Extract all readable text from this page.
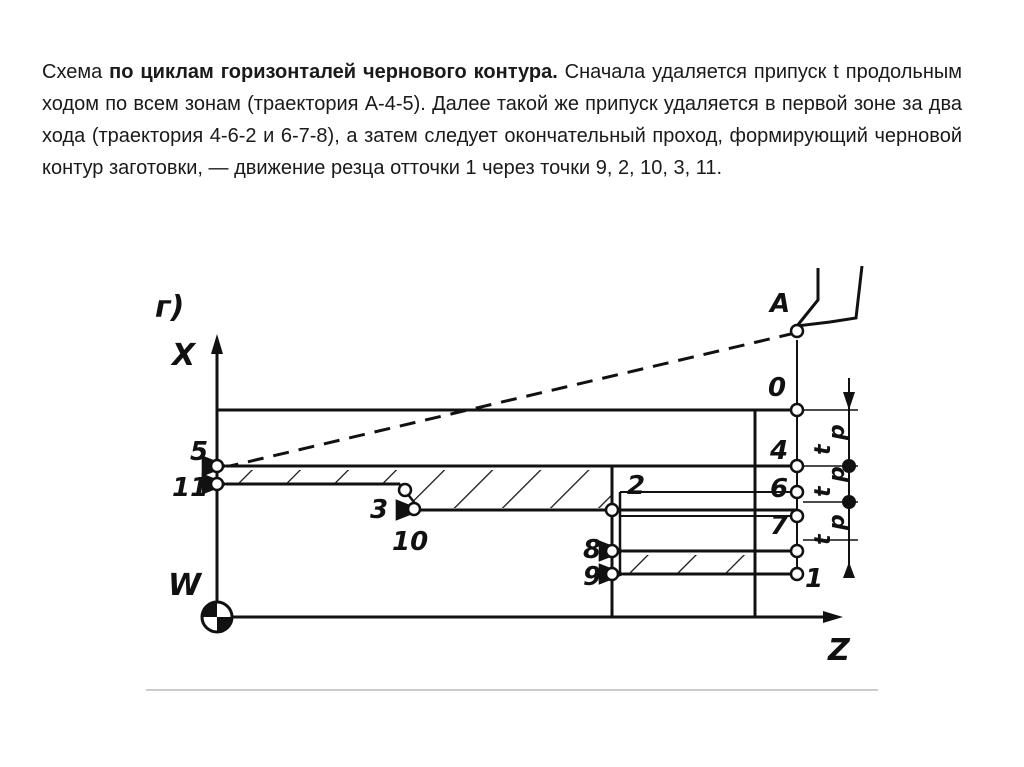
Схема по циклам горизонталей чернового контура. Сначала удаляется припуск t продольным ходом по всем зонам (траектория А-4-5). Далее такой же припуск удаляется в первой зоне за два хода (траектория 4-6-2 и 6-7-8), а затем следует окончательный проход, формирующий черновой контур заготовки, — движение резца отточки 1 через точки 9, 2, 10, 3, 11.
г)
X
Z
W
A
0
4
6
7
1
5
11
3
10
2
8
9
t
p
t
p
t
p
